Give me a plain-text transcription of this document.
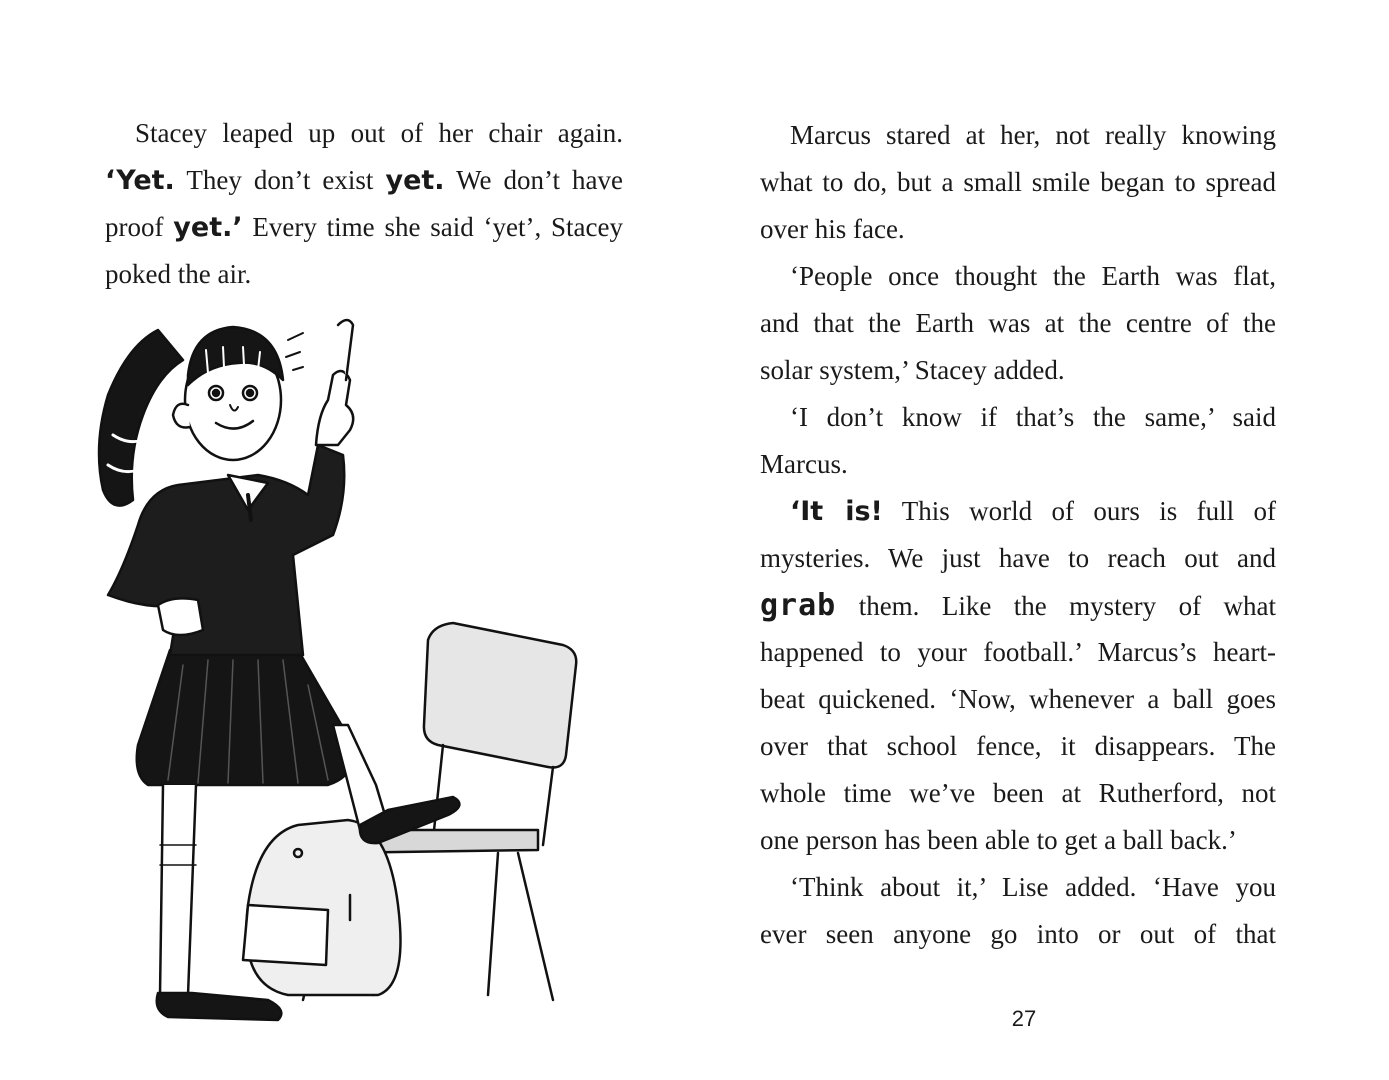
Stacey leaped up out of her chair again.
‘Yet. They don’t exist yet. We don’t have
proof yet.’ Every time she said ‘yet’, Stacey
poked the air.
Marcus stared at her, not really knowing
what to do, but a small smile began to spread
over his face.
‘People once thought the Earth was flat,
and that the Earth was at the centre of the
solar system,’ Stacey added.
‘I don’t know if that’s the same,’ said
Marcus.
‘It is! This world of ours is full of
mysteries. We just have to reach out and
grab them. Like the mystery of what
happened to your football.’ Marcus’s heart-
beat quickened. ‘Now, whenever a ball goes
over that school fence, it disappears. The
whole time we’ve been at Rutherford, not
one person has been able to get a ball back.’
‘Think about it,’ Lise added. ‘Have you
ever seen anyone go into or out of that
27
